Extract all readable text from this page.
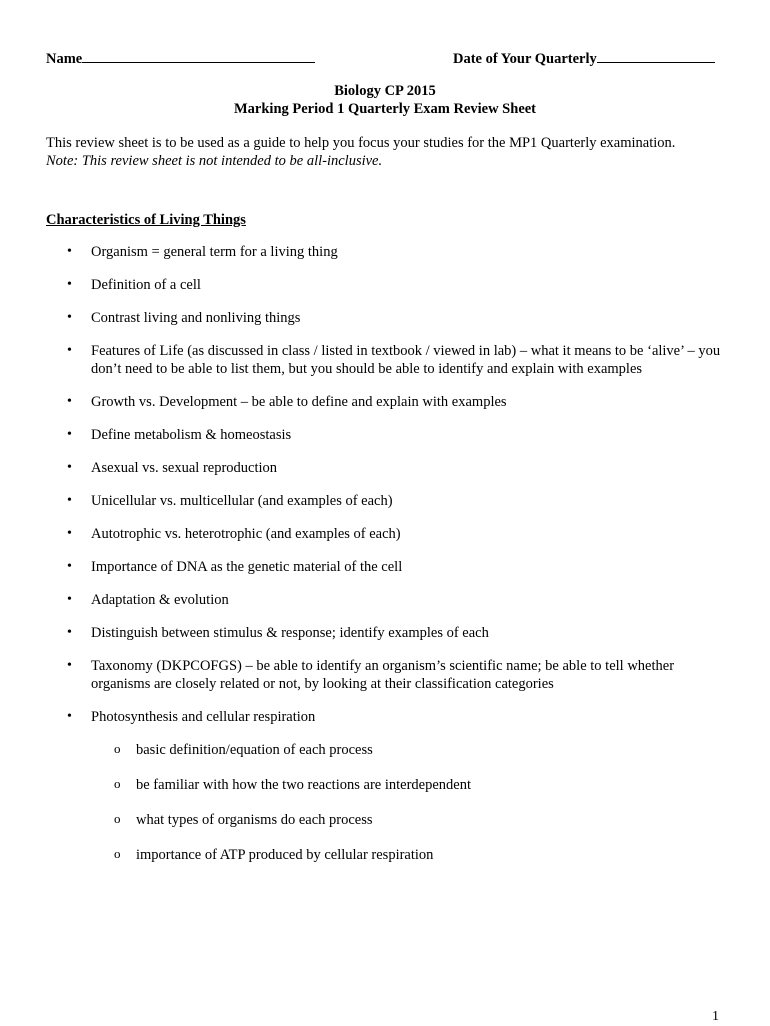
Name	Date of Your Quarterly
Biology CP 2015
Marking Period 1 Quarterly Exam Review Sheet
This review sheet is to be used as a guide to help you focus your studies for the MP1 Quarterly examination.
Note: This review sheet is not intended to be all-inclusive.
Characteristics of Living Things
• Organism = general term for a living thing
• Definition of a cell
• Contrast living and nonliving things
• Features of Life (as discussed in class / listed in textbook / viewed in lab) – what it means to be ‘alive’ – you don’t need to be able to list them, but you should be able to identify and explain with examples
• Growth vs. Development – be able to define and explain with examples
• Define metabolism & homeostasis
• Asexual vs. sexual reproduction
• Unicellular vs. multicellular (and examples of each)
• Autotrophic vs. heterotrophic (and examples of each)
• Importance of DNA as the genetic material of the cell
• Adaptation & evolution
• Distinguish between stimulus & response; identify examples of each
• Taxonomy (DKPCOFGS) – be able to identify an organism’s scientific name; be able to tell whether organisms are closely related or not, by looking at their classification categories
• Photosynthesis and cellular respiration
o basic definition/equation of each process
o be familiar with how the two reactions are interdependent
o what types of organisms do each process
o importance of ATP produced by cellular respiration
1
